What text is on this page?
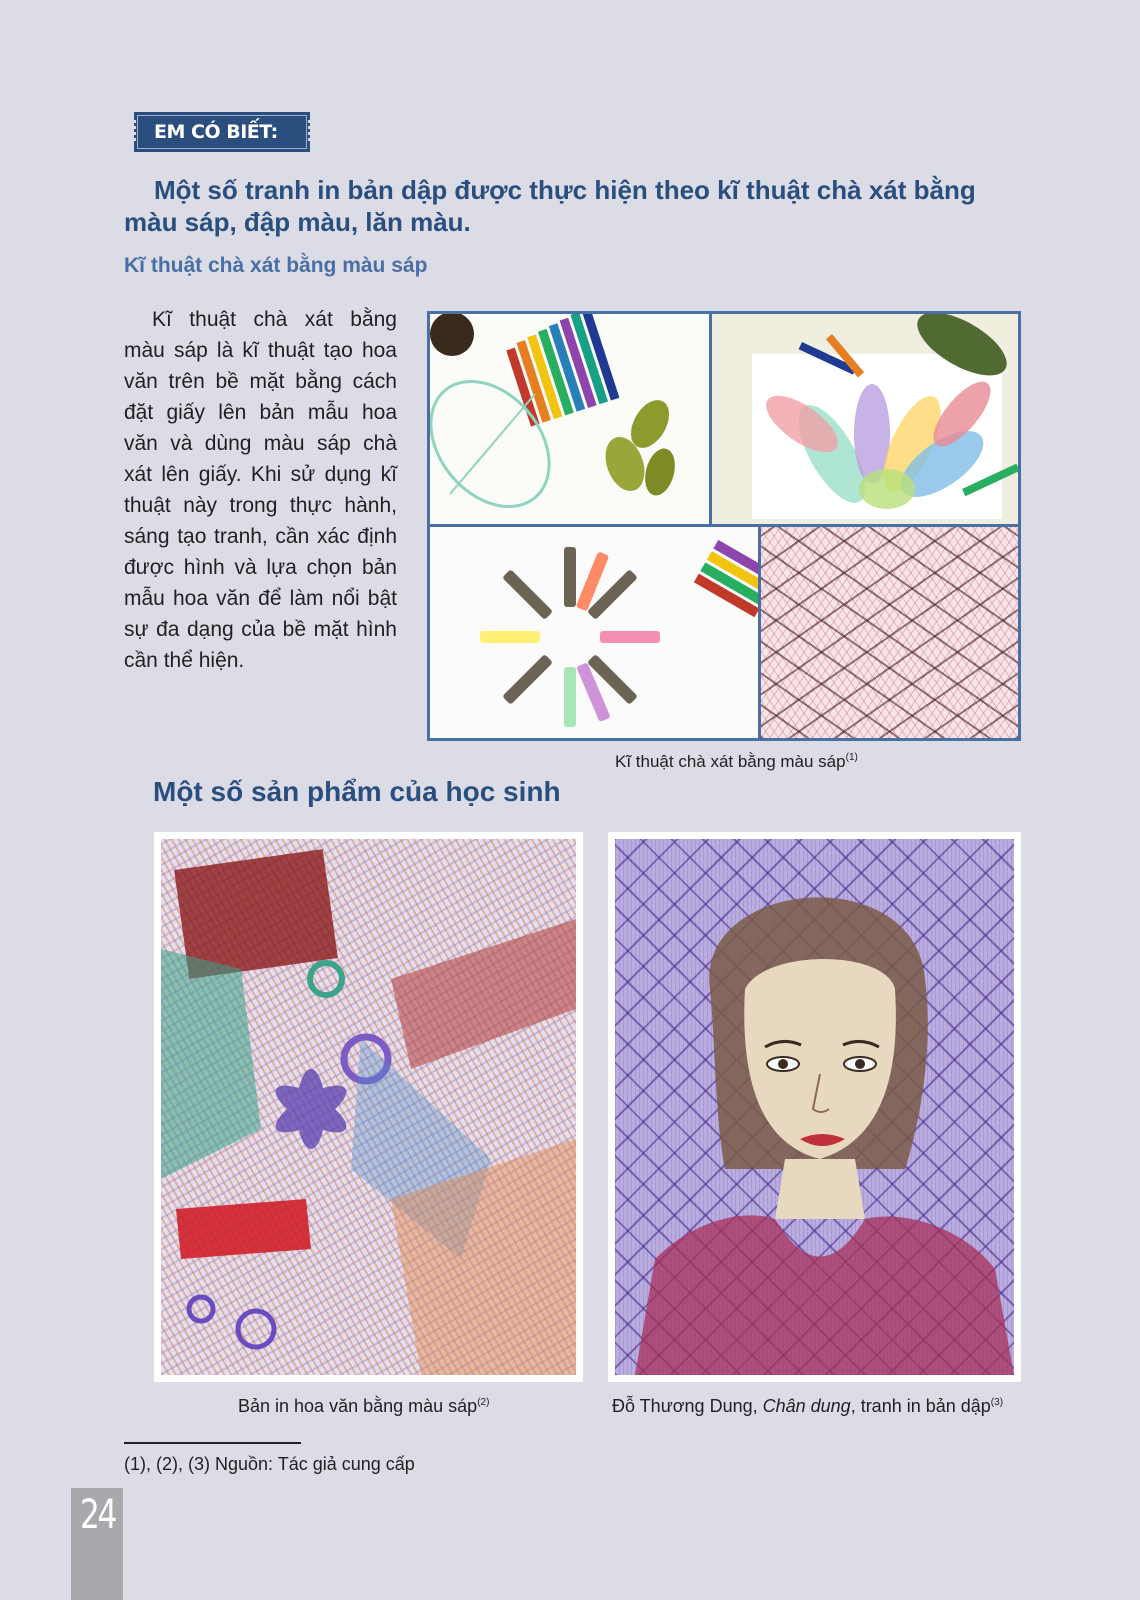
EM CÓ BIẾT:

Một số tranh in bản dập được thực hiện theo kĩ thuật chà xát bằng màu sáp, đập màu, lăn màu.

Kĩ thuật chà xát bằng màu sáp

Kĩ thuật chà xát bằng màu sáp là kĩ thuật tạo hoa văn trên bề mặt bằng cách đặt giấy lên bản mẫu hoa văn và dùng màu sáp chà xát lên giấy. Khi sử dụng kĩ thuật này trong thực hành, sáng tạo tranh, cần xác định được hình và lựa chọn bản mẫu hoa văn để làm nổi bật sự đa dạng của bề mặt hình cần thể hiện.

Kĩ thuật chà xát bằng màu sáp$^{(1)}$

Một số sản phẩm của học sinh

Bản in hoa văn bằng màu sáp$^{(2)}$	Đỗ Thương Dung, Chân dung, tranh in bản dập$^{(3)}$

(1), (2), (3) Nguồn: Tác giả cung cấp

24
